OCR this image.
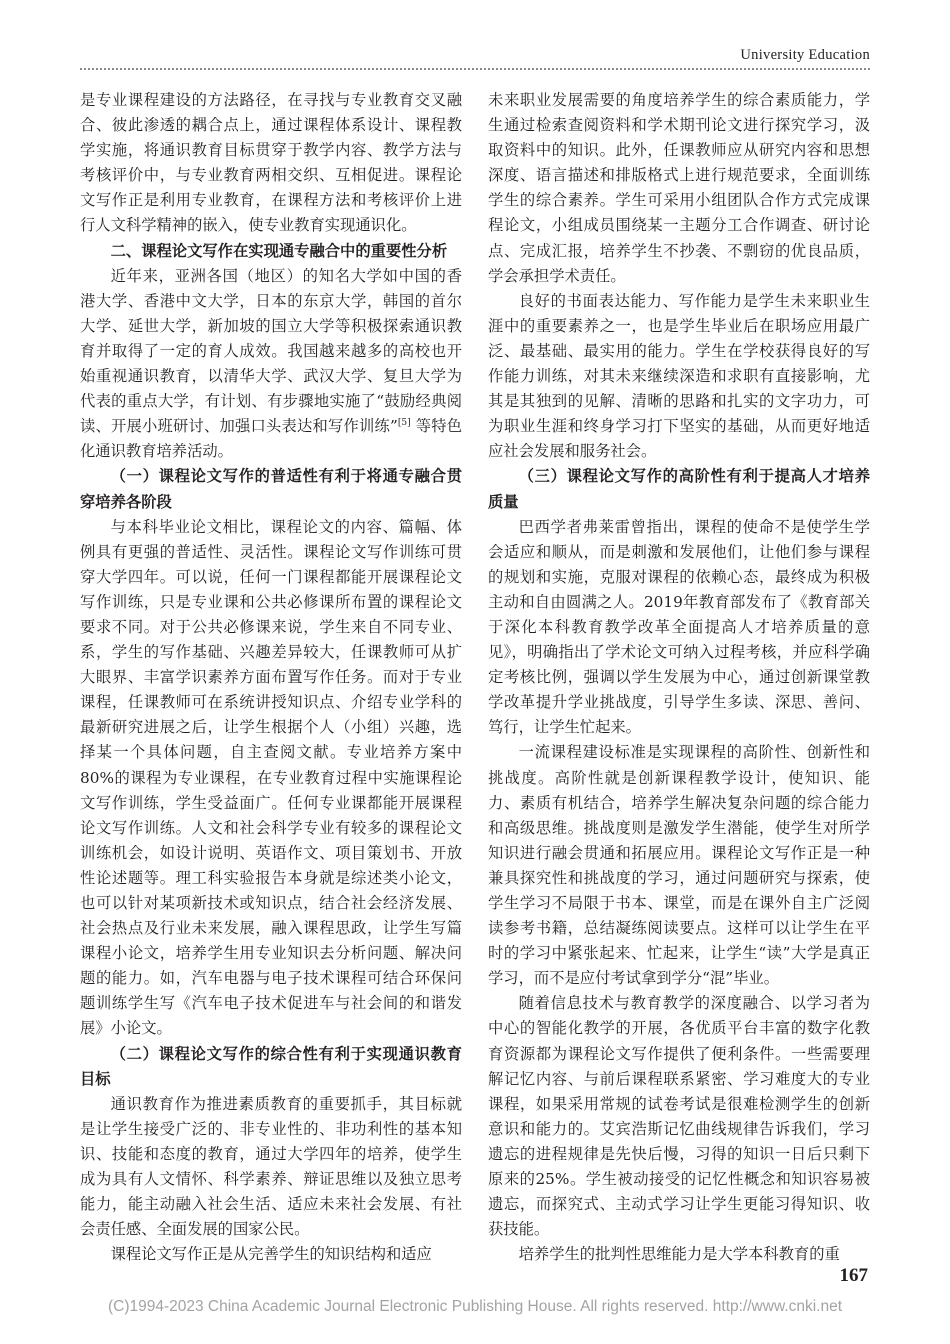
University Education

是专业课程建设的方法路径，在寻找与专业教育交叉融合、彼此渗透的耦合点上，通过课程体系设计、课程教学实施，将通识教育目标贯穿于教学内容、教学方法与考核评价中，与专业教育两相交织、互相促进。课程论文写作正是利用专业教育，在课程方法和考核评价上进行人文科学精神的嵌入，使专业教育实现通识化。

二、课程论文写作在实现通专融合中的重要性分析

近年来，亚洲各国（地区）的知名大学如中国的香港大学、香港中文大学，日本的东京大学，韩国的首尔大学、延世大学，新加坡的国立大学等积极探索通识教育并取得了一定的育人成效。我国越来越多的高校也开始重视通识教育，以清华大学、武汉大学、复旦大学为代表的重点大学，有计划、有步骤地实施了“鼓励经典阅读、开展小班研讨、加强口头表达和写作训练”[5] 等特色化通识教育培养活动。

（一）课程论文写作的普适性有利于将通专融合贯穿培养各阶段

与本科毕业论文相比，课程论文的内容、篇幅、体例具有更强的普适性、灵活性。课程论文写作训练可贯穿大学四年。可以说，任何一门课程都能开展课程论文写作训练，只是专业课和公共必修课所布置的课程论文要求不同。对于公共必修课来说，学生来自不同专业、系，学生的写作基础、兴趣差异较大，任课教师可从扩大眼界、丰富学识素养方面布置写作任务。而对于专业课程，任课教师可在系统讲授知识点、介绍专业学科的最新研究进展之后，让学生根据个人（小组）兴趣，选择某一个具体问题，自主查阅文献。专业培养方案中80%的课程为专业课程，在专业教育过程中实施课程论文写作训练，学生受益面广。任何专业课都能开展课程论文写作训练。人文和社会科学专业有较多的课程论文训练机会，如设计说明、英语作文、项目策划书、开放性论述题等。理工科实验报告本身就是综述类小论文，也可以针对某项新技术或知识点，结合社会经济发展、社会热点及行业未来发展，融入课程思政，让学生写篇课程小论文，培养学生用专业知识去分析问题、解决问题的能力。如，汽车电器与电子技术课程可结合环保问题训练学生写《汽车电子技术促进车与社会间的和谐发展》小论文。

（二）课程论文写作的综合性有利于实现通识教育目标

通识教育作为推进素质教育的重要抓手，其目标就是让学生接受广泛的、非专业性的、非功利性的基本知识、技能和态度的教育，通过大学四年的培养，使学生成为具有人文情怀、科学素养、辩证思维以及独立思考能力，能主动融入社会生活、适应未来社会发展、有社会责任感、全面发展的国家公民。

课程论文写作正是从完善学生的知识结构和适应

未来职业发展需要的角度培养学生的综合素质能力，学生通过检索查阅资料和学术期刊论文进行探究学习，汲取资料中的知识。此外，任课教师应从研究内容和思想深度、语言描述和排版格式上进行规范要求，全面训练学生的综合素养。学生可采用小组团队合作方式完成课程论文，小组成员围绕某一主题分工合作调查、研讨论点、完成汇报，培养学生不抄袭、不剽窃的优良品质，学会承担学术责任。

良好的书面表达能力、写作能力是学生未来职业生涯中的重要素养之一，也是学生毕业后在职场应用最广泛、最基础、最实用的能力。学生在学校获得良好的写作能力训练，对其未来继续深造和求职有直接影响，尤其是其独到的见解、清晰的思路和扎实的文字功力，可为职业生涯和终身学习打下坚实的基础，从而更好地适应社会发展和服务社会。

（三）课程论文写作的高阶性有利于提高人才培养质量

巴西学者弗莱雷曾指出，课程的使命不是使学生学会适应和顺从，而是刺激和发展他们，让他们参与课程的规划和实施，克服对课程的依赖心态，最终成为积极主动和自由圆满之人。2019年教育部发布了《教育部关于深化本科教育教学改革全面提高人才培养质量的意见》，明确指出了学术论文可纳入过程考核，并应科学确定考核比例，强调以学生发展为中心，通过创新课堂教学改革提升学业挑战度，引导学生多读、深思、善问、笃行，让学生忙起来。

一流课程建设标准是实现课程的高阶性、创新性和挑战度。高阶性就是创新课程教学设计，使知识、能力、素质有机结合，培养学生解决复杂问题的综合能力和高级思维。挑战度则是激发学生潜能，使学生对所学知识进行融会贯通和拓展应用。课程论文写作正是一种兼具探究性和挑战度的学习，通过问题研究与探索，使学生学习不局限于书本、课堂，而是在课外自主广泛阅读参考书籍，总结凝练阅读要点。这样可以让学生在平时的学习中紧张起来、忙起来，让学生“读”大学是真正学习，而不是应付考试拿到学分“混”毕业。

随着信息技术与教育教学的深度融合、以学习者为中心的智能化教学的开展，各优质平台丰富的数字化教育资源都为课程论文写作提供了便利条件。一些需要理解记忆内容、与前后课程联系紧密、学习难度大的专业课程，如果采用常规的试卷考试是很难检测学生的创新意识和能力的。艾宾浩斯记忆曲线规律告诉我们，学习遗忘的进程规律是先快后慢，习得的知识一日后只剩下原来的25%。学生被动接受的记忆性概念和知识容易被遗忘，而探究式、主动式学习让学生更能习得知识、收获技能。

培养学生的批判性思维能力是大学本科教育的重

167
(C)1994-2023 China Academic Journal Electronic Publishing House. All rights reserved. http://www.cnki.net
